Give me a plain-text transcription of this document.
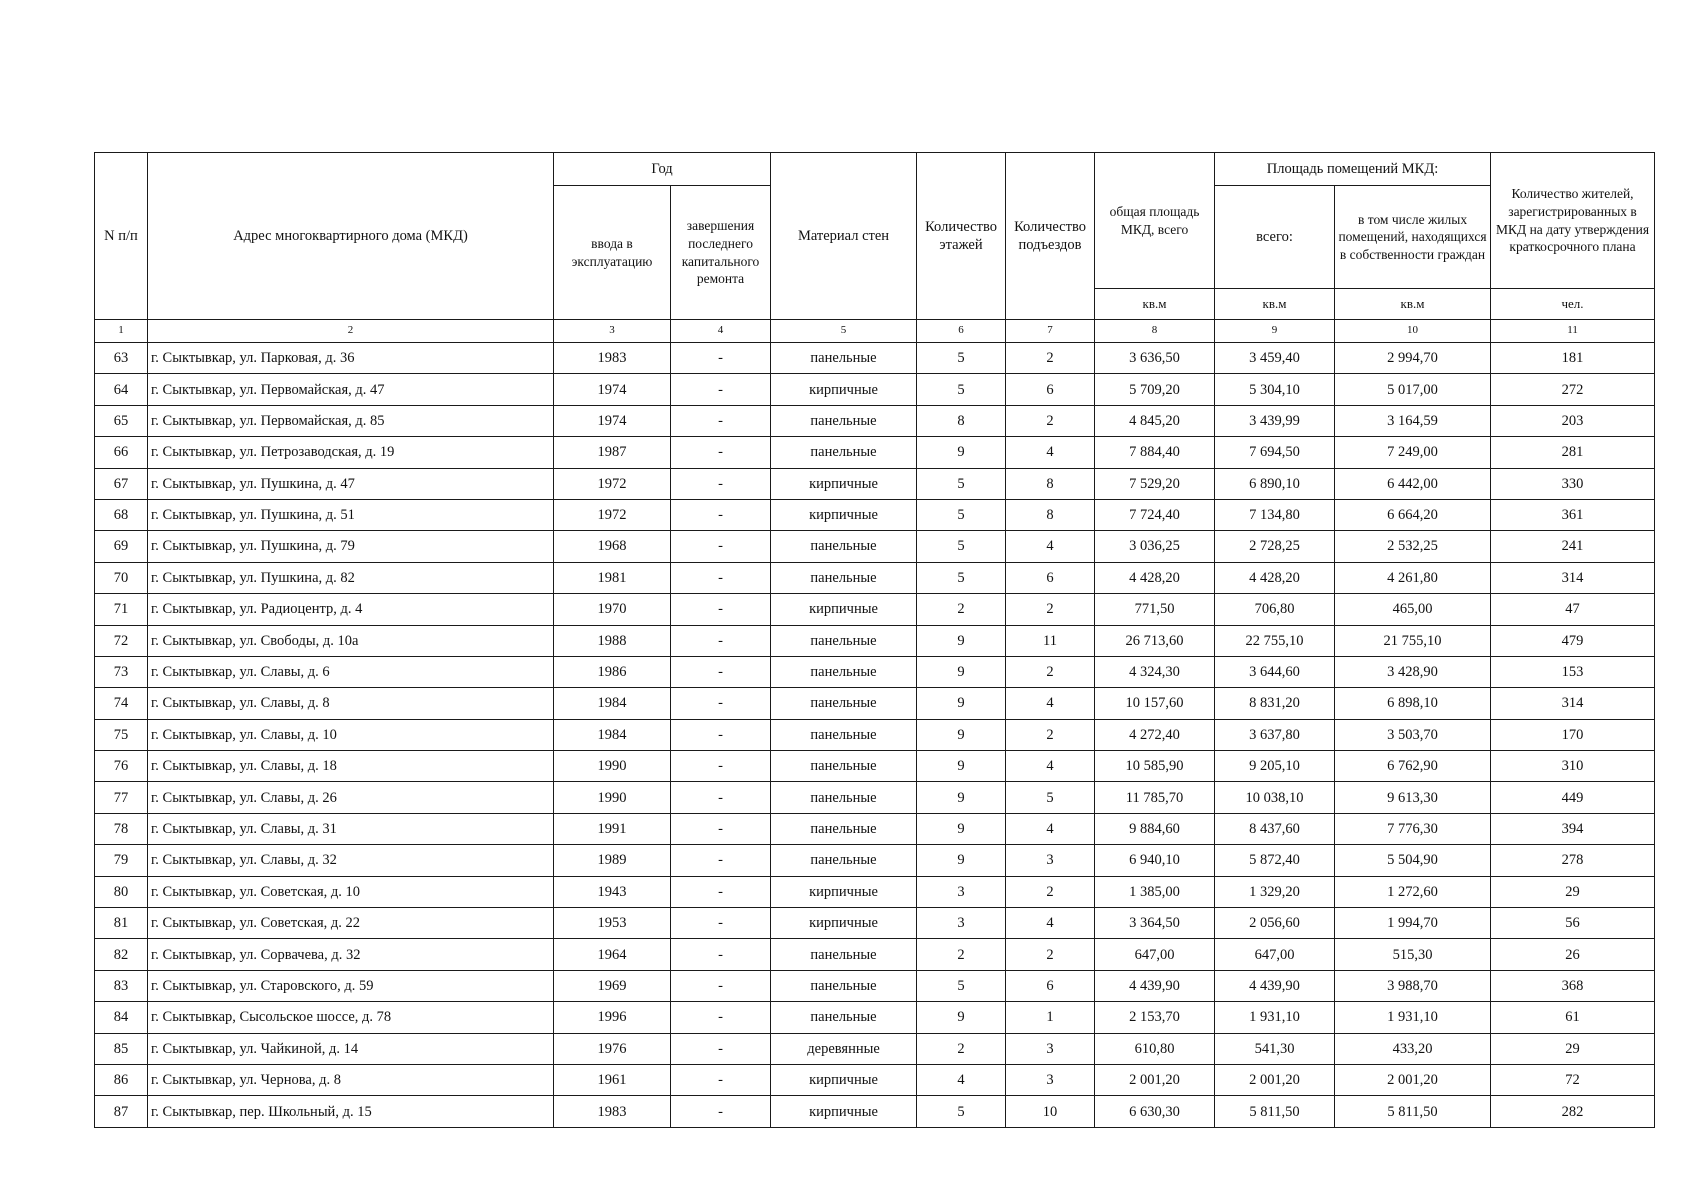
N п/п	Адрес многоквартирного дома (МКД)	Год		Материал стен	Количество этажей	Количество подъездов	общая площадь МКД, всего	Площадь помещений МКД:		Количество жителей, зарегистрированных в МКД на дату утверждения краткосрочного плана
		ввода в эксплуатацию	завершения последнего капитального ремонта					всего:	в том числе жилых помещений, находящихся в собственности граждан	
							кв.м	кв.м	кв.м	чел.
1	2	3	4	5	6	7	8	9	10	11
63	г. Сыктывкар, ул. Парковая, д. 36	1983	-	панельные	5	2	3 636,50	3 459,40	2 994,70	181
64	г. Сыктывкар, ул. Первомайская, д. 47	1974	-	кирпичные	5	6	5 709,20	5 304,10	5 017,00	272
65	г. Сыктывкар, ул. Первомайская, д. 85	1974	-	панельные	8	2	4 845,20	3 439,99	3 164,59	203
66	г. Сыктывкар, ул. Петрозаводская, д. 19	1987	-	панельные	9	4	7 884,40	7 694,50	7 249,00	281
67	г. Сыктывкар, ул. Пушкина, д. 47	1972	-	кирпичные	5	8	7 529,20	6 890,10	6 442,00	330
68	г. Сыктывкар, ул. Пушкина, д. 51	1972	-	кирпичные	5	8	7 724,40	7 134,80	6 664,20	361
69	г. Сыктывкар, ул. Пушкина, д. 79	1968	-	панельные	5	4	3 036,25	2 728,25	2 532,25	241
70	г. Сыктывкар, ул. Пушкина, д. 82	1981	-	панельные	5	6	4 428,20	4 428,20	4 261,80	314
71	г. Сыктывкар, ул. Радиоцентр, д. 4	1970	-	кирпичные	2	2	771,50	706,80	465,00	47
72	г. Сыктывкар, ул. Свободы, д. 10а	1988	-	панельные	9	11	26 713,60	22 755,10	21 755,10	479
73	г. Сыктывкар, ул. Славы, д. 6	1986	-	панельные	9	2	4 324,30	3 644,60	3 428,90	153
74	г. Сыктывкар, ул. Славы, д. 8	1984	-	панельные	9	4	10 157,60	8 831,20	6 898,10	314
75	г. Сыктывкар, ул. Славы, д. 10	1984	-	панельные	9	2	4 272,40	3 637,80	3 503,70	170
76	г. Сыктывкар, ул. Славы, д. 18	1990	-	панельные	9	4	10 585,90	9 205,10	6 762,90	310
77	г. Сыктывкар, ул. Славы, д. 26	1990	-	панельные	9	5	11 785,70	10 038,10	9 613,30	449
78	г. Сыктывкар, ул. Славы, д. 31	1991	-	панельные	9	4	9 884,60	8 437,60	7 776,30	394
79	г. Сыктывкар, ул. Славы, д. 32	1989	-	панельные	9	3	6 940,10	5 872,40	5 504,90	278
80	г. Сыктывкар, ул. Советская, д. 10	1943	-	кирпичные	3	2	1 385,00	1 329,20	1 272,60	29
81	г. Сыктывкар, ул. Советская, д. 22	1953	-	кирпичные	3	4	3 364,50	2 056,60	1 994,70	56
82	г. Сыктывкар, ул. Сорвачева, д. 32	1964	-	панельные	2	2	647,00	647,00	515,30	26
83	г. Сыктывкар, ул. Старовского, д. 59	1969	-	панельные	5	6	4 439,90	4 439,90	3 988,70	368
84	г. Сыктывкар, Сысольское шоссе, д. 78	1996	-	панельные	9	1	2 153,70	1 931,10	1 931,10	61
85	г. Сыктывкар, ул. Чайкиной, д. 14	1976	-	деревянные	2	3	610,80	541,30	433,20	29
86	г. Сыктывкар, ул. Чернова, д. 8	1961	-	кирпичные	4	3	2 001,20	2 001,20	2 001,20	72
87	г. Сыктывкар, пер. Школьный, д. 15	1983	-	кирпичные	5	10	6 630,30	5 811,50	5 811,50	282
